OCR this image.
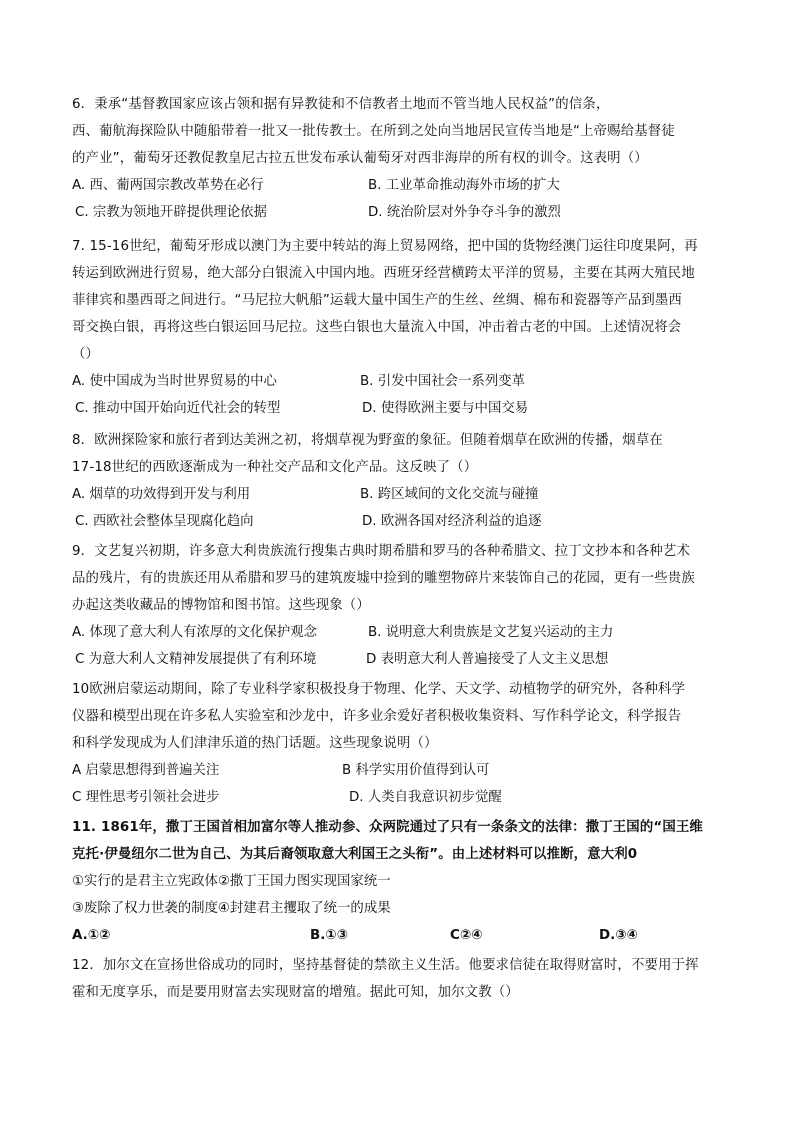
6．秉承“基督教国家应该占领和据有异教徒和不信教者土地而不管当地人民权益”的信条，
西、葡航海探险队中随船带着一批又一批传教士。在所到之处向当地居民宣传当地是“上帝赐给基督徒
的产业”，葡萄牙还教促教皇尼古拉五世发布承认葡萄牙对西非海岸的所有权的训令。这表明（）
A. 西、葡两国宗教改革势在必行	B. 工业革命推动海外市场的扩大
C. 宗教为领地开辟提供理论依据	D. 统治阶层对外争夺斗争的激烈
7. 15-16世纪，葡萄牙形成以澳门为主要中转站的海上贸易网络，把中国的货物经澳门运往印度果阿，再
转运到欧洲进行贸易，绝大部分白银流入中国内地。西班牙经营横跨太平洋的贸易，主要在其两大殖民地
菲律宾和墨西哥之间进行。“马尼拉大帆船”运载大量中国生产的生丝、丝绸、棉布和瓷器等产品到墨西
哥交换白银，再将这些白银运回马尼拉。这些白银也大量流入中国，冲击着古老的中国。上述情况将会
（）
A. 使中国成为当时世界贸易的中心	B. 引发中国社会一系列变革
C. 推动中国开始向近代社会的转型	D. 使得欧洲主要与中国交易
8．欧洲探险家和旅行者到达美洲之初，将烟草视为野蛮的象征。但随着烟草在欧洲的传播，烟草在
17-18世纪的西欧逐渐成为一种社交产品和文化产品。这反映了（）
A. 烟草的功效得到开发与利用	B. 跨区域间的文化交流与碰撞
C. 西欧社会整体呈现腐化趋向	D. 欧洲各国对经济利益的追逐
9．文艺复兴初期，许多意大利贵族流行搜集古典时期希腊和罗马的各种希腊文、拉丁文抄本和各种艺术
品的残片，有的贵族还用从希腊和罗马的建筑废墟中捡到的雕塑物碎片来装饰自己的花园，更有一些贵族
办起这类收藏品的博物馆和图书馆。这些现象（）
A. 体现了意大利人有浓厚的文化保护观念	B. 说明意大利贵族是文艺复兴运动的主力
C 为意大利人文精神发展提供了有利环境	D 表明意大利人普遍接受了人文主义思想
10欧洲启蒙运动期间，除了专业科学家积极投身于物理、化学、天文学、动植物学的研究外，各种科学
仪器和模型出现在许多私人实验室和沙龙中，许多业余爱好者积极收集资料、写作科学论文，科学报告
和科学发现成为人们津津乐道的热门话题。这些现象说明（）
A 启蒙思想得到普遍关注	B 科学实用价值得到认可
C 理性思考引领社会进步	D. 人类自我意识初步觉醒
11. 1861年，撒丁王国首相加富尔等人推动参、众两院通过了只有一条条文的法律：撒丁王国的“国王维
克托·伊曼纽尔二世为自己、为其后裔领取意大利国王之头衔”。由上述材料可以推断，意大利0
①实行的是君主立宪政体②撒丁王国力图实现国家统一
③废除了权力世袭的制度④封建君主攫取了统一的成果
A.①②	B.①③	C②④	D.③④
12．加尔文在宣扬世俗成功的同时，坚持基督徒的禁欲主义生活。他要求信徒在取得财富时，不要用于挥
霍和无度享乐，而是要用财富去实现财富的增殖。据此可知，加尔文教（）
